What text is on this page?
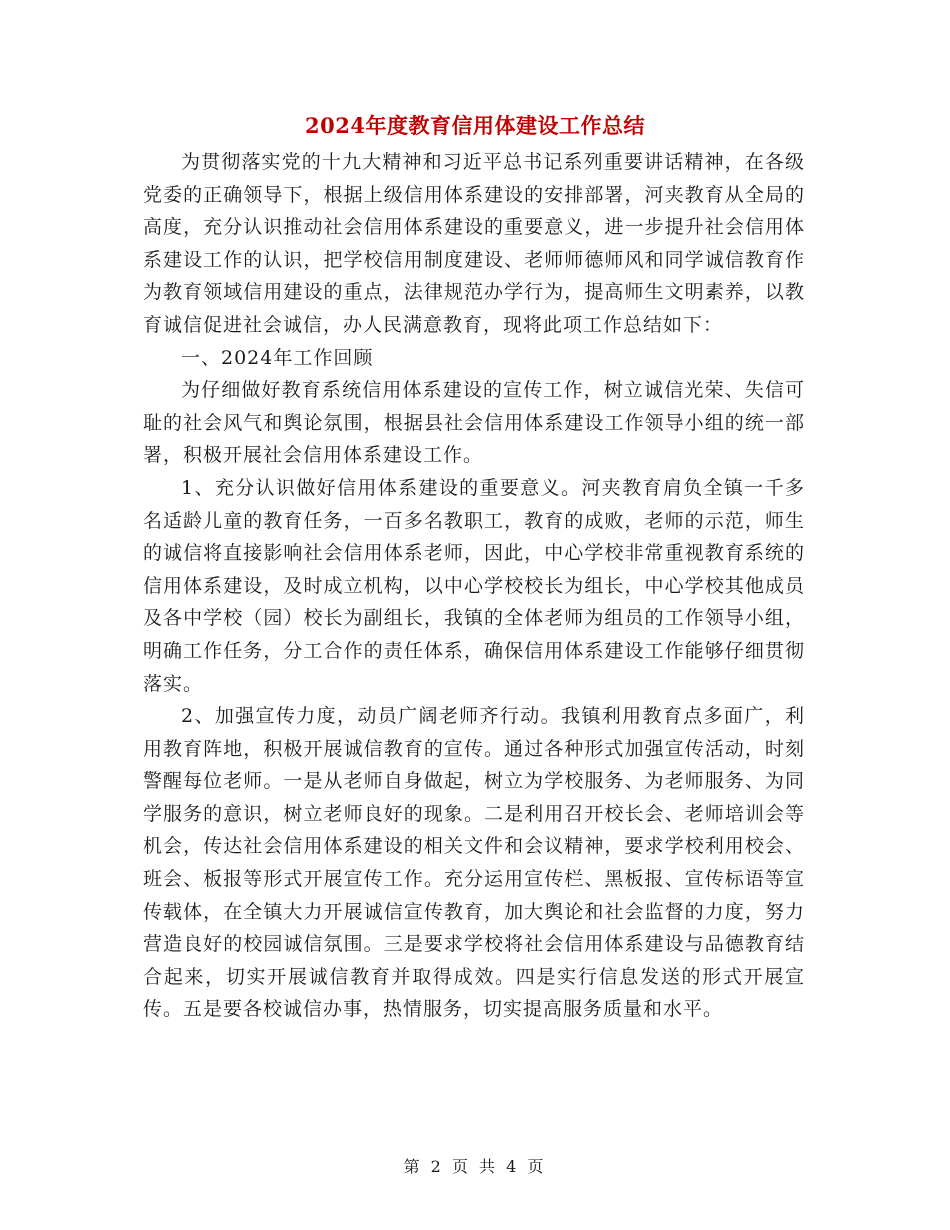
2024年度教育信用体建设工作总结

为贯彻落实党的十九大精神和习近平总书记系列重要讲话精神，在各级党委的正确领导下，根据上级信用体系建设的安排部署，河夹教育从全局的高度，充分认识推动社会信用体系建设的重要意义，进一步提升社会信用体系建设工作的认识，把学校信用制度建设、老师师德师风和同学诚信教育作为教育领域信用建设的重点，法律规范办学行为，提高师生文明素养，以教育诚信促进社会诚信，办人民满意教育，现将此项工作总结如下：

一、2024年工作回顾

为仔细做好教育系统信用体系建设的宣传工作，树立诚信光荣、失信可耻的社会风气和舆论氛围，根据县社会信用体系建设工作领导小组的统一部署，积极开展社会信用体系建设工作。

1、充分认识做好信用体系建设的重要意义。河夹教育肩负全镇一千多名适龄儿童的教育任务，一百多名教职工，教育的成败，老师的示范，师生的诚信将直接影响社会信用体系老师，因此，中心学校非常重视教育系统的信用体系建设，及时成立机构，以中心学校校长为组长，中心学校其他成员及各中学校（园）校长为副组长，我镇的全体老师为组员的工作领导小组，明确工作任务，分工合作的责任体系，确保信用体系建设工作能够仔细贯彻落实。

2、加强宣传力度，动员广阔老师齐行动。我镇利用教育点多面广，利用教育阵地，积极开展诚信教育的宣传。通过各种形式加强宣传活动，时刻警醒每位老师。一是从老师自身做起，树立为学校服务、为老师服务、为同学服务的意识，树立老师良好的现象。二是利用召开校长会、老师培训会等机会，传达社会信用体系建设的相关文件和会议精神，要求学校利用校会、班会、板报等形式开展宣传工作。充分运用宣传栏、黑板报、宣传标语等宣传载体，在全镇大力开展诚信宣传教育，加大舆论和社会监督的力度，努力营造良好的校园诚信氛围。三是要求学校将社会信用体系建设与品德教育结合起来，切实开展诚信教育并取得成效。四是实行信息发送的形式开展宣传。五是要各校诚信办事，热情服务，切实提高服务质量和水平。

第 2 页 共 4 页
